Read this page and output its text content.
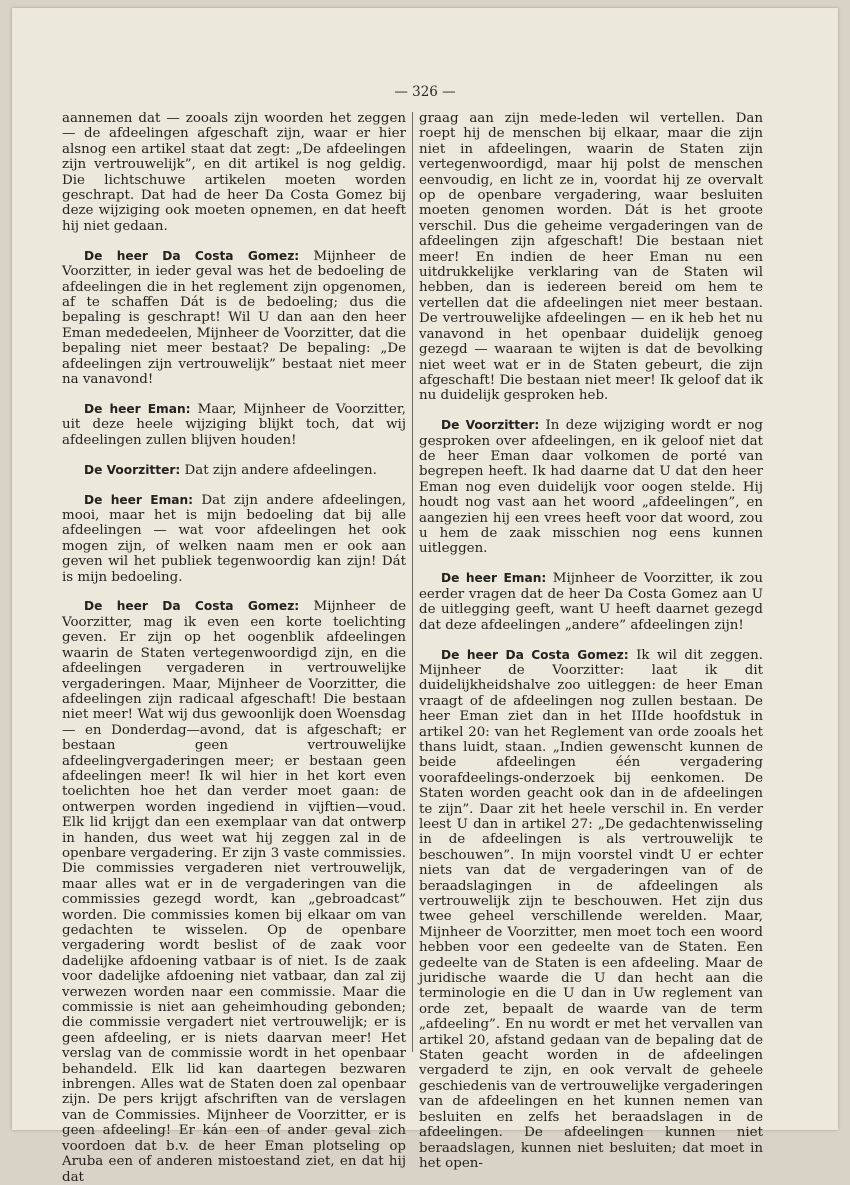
— 326 —

aannemen dat — zooals zijn woorden het zeggen — de afdeelingen afgeschaft zijn, waar er hier alsnog een artikel staat dat zegt: „De afdeelingen zijn vertrouwelijk”, en dit artikel is nog geldig. Die lichtschuwe artikelen moeten worden geschrapt. Dat had de heer Da Costa Gomez bij deze wijziging ook moeten opnemen, en dat heeft hij niet gedaan.

De heer Da Costa Gomez: Mijnheer de Voorzitter, in ieder geval was het de bedoeling de afdeelingen die in het reglement zijn opgenomen, af te schaffen Dát is de bedoeling; dus die bepaling is geschrapt! Wil U dan aan den heer Eman mededeelen, Mijnheer de Voorzitter, dat die bepaling niet meer bestaat? De bepaling: „De afdeelingen zijn vertrouwelijk” bestaat niet meer na vanavond!

De heer Eman: Maar, Mijnheer de Voorzitter, uit deze heele wijziging blijkt toch, dat wij afdeelingen zullen blijven houden!

De Voorzitter: Dat zijn andere afdeelingen.

De heer Eman: Dat zijn andere afdeelingen, mooi, maar het is mijn bedoeling dat bij alle afdeelingen — wat voor afdeelingen het ook mogen zijn, of welken naam men er ook aan geven wil het publiek tegenwoordig kan zijn! Dát is mijn bedoeling.

De heer Da Costa Gomez: Mijnheer de Voorzitter, mag ik even een korte toelichting geven. Er zijn op het oogenblik afdeelingen waarin de Staten vertegenwoordigd zijn, en die afdeelingen vergaderen in vertrouwelijke vergaderingen. Maar, Mijnheer de Voorzitter, die afdeelingen zijn radicaal afgeschaft! Die bestaan niet meer! Wat wij dus gewoonlijk doen Woensdag— en Donderdag—avond, dat is afgeschaft; er bestaan geen vertrouwelijke afdeelingvergaderingen meer; er bestaan geen afdeelingen meer! Ik wil hier in het kort even toelichten hoe het dan verder moet gaan: de ontwerpen worden ingediend in vijftien—voud. Elk lid krijgt dan een exemplaar van dat ontwerp in handen, dus weet wat hij zeggen zal in de openbare vergadering. Er zijn 3 vaste commissies. Die commissies vergaderen niet vertrouwelijk, maar alles wat er in de vergaderingen van die commissies gezegd wordt, kan „gebroadcast” worden. Die commissies komen bij elkaar om van gedachten te wisselen. Op de openbare vergadering wordt beslist of de zaak voor dadelijke afdoening vatbaar is of niet. Is de zaak voor dadelijke afdoening niet vatbaar, dan zal zij verwezen worden naar een commissie. Maar die commissie is niet aan geheimhouding gebonden; die commissie vergadert niet vertrouwelijk; er is geen afdeeling, er is niets daarvan meer! Het verslag van de commissie wordt in het openbaar behandeld. Elk lid kan daartegen bezwaren inbrengen. Alles wat de Staten doen zal openbaar zijn. De pers krijgt afschriften van de verslagen van de Commissies. Mijnheer de Voorzitter, er is geen afdeeling! Er kán een of ander geval zich voordoen dat b.v. de heer Eman plotseling op Aruba een of anderen mistoestand ziet, en dat hij dat

graag aan zijn mede-leden wil vertellen. Dan roept hij de menschen bij elkaar, maar die zijn niet in afdeelingen, waarin de Staten zijn vertegenwoordigd, maar hij polst de menschen eenvoudig, en licht ze in, voordat hij ze overvalt op de openbare vergadering, waar besluiten moeten genomen worden. Dát is het groote verschil. Dus die geheime vergaderingen van de afdeelingen zijn afgeschaft! Die bestaan niet meer! En indien de heer Eman nu een uitdrukkelijke verklaring van de Staten wil hebben, dan is iedereen bereid om hem te vertellen dat die afdeelingen niet meer bestaan. De vertrouwelijke afdeelingen — en ik heb het nu vanavond in het openbaar duidelijk genoeg gezegd — waaraan te wijten is dat de bevolking niet weet wat er in de Staten gebeurt, die zijn afgeschaft! Die bestaan niet meer! Ik geloof dat ik nu duidelijk gesproken heb.

De Voorzitter: In deze wijziging wordt er nog gesproken over afdeelingen, en ik geloof niet dat de heer Eman daar volkomen de porté van begrepen heeft. Ik had daarne dat U dat den heer Eman nog even duidelijk voor oogen stelde. Hij houdt nog vast aan het woord „afdeelingen”, en aangezien hij een vrees heeft voor dat woord, zou u hem de zaak misschien nog eens kunnen uitleggen.

De heer Eman: Mijnheer de Voorzitter, ik zou eerder vragen dat de heer Da Costa Gomez aan U de uitlegging geeft, want U heeft daarnet gezegd dat deze afdeelingen „andere” afdeelingen zijn!

De heer Da Costa Gomez: Ik wil dit zeggen. Mijnheer de Voorzitter: laat ik dit duidelijkheidshalve zoo uitleggen: de heer Eman vraagt of de afdeelingen nog zullen bestaan. De heer Eman ziet dan in het IIIde hoofdstuk in artikel 20: van het Reglement van orde zooals het thans luidt, staan. „Indien gewenscht kunnen de beide afdeelingen één vergadering voorafdeelings-onderzoek bij eenkomen. De Staten worden geacht ook dan in de afdeelingen te zijn”. Daar zit het heele verschil in. En verder leest U dan in artikel 27: „De gedachtenwisseling in de afdeelingen is als vertrouwelijk te beschouwen”. In mijn voorstel vindt U er echter niets van dat de vergaderingen van of de beraadslagingen in de afdeelingen als vertrouwelijk zijn te beschouwen. Het zijn dus twee geheel verschillende werelden. Maar, Mijnheer de Voorzitter, men moet toch een woord hebben voor een gedeelte van de Staten. Een gedeelte van de Staten is een afdeeling. Maar de juridische waarde die U dan hecht aan die terminologie en die U dan in Uw reglement van orde zet, bepaalt de waarde van de term „afdeeling”. En nu wordt er met het vervallen van artikel 20, afstand gedaan van de bepaling dat de Staten geacht worden in de afdeelingen vergaderd te zijn, en ook vervalt de geheele geschiedenis van de vertrouwelijke vergaderingen van de afdeelingen en het kunnen nemen van besluiten en zelfs het beraadslagen in de afdeelingen. De afdeelingen kunnen niet beraadslagen, kunnen niet besluiten; dat moet in het open-
